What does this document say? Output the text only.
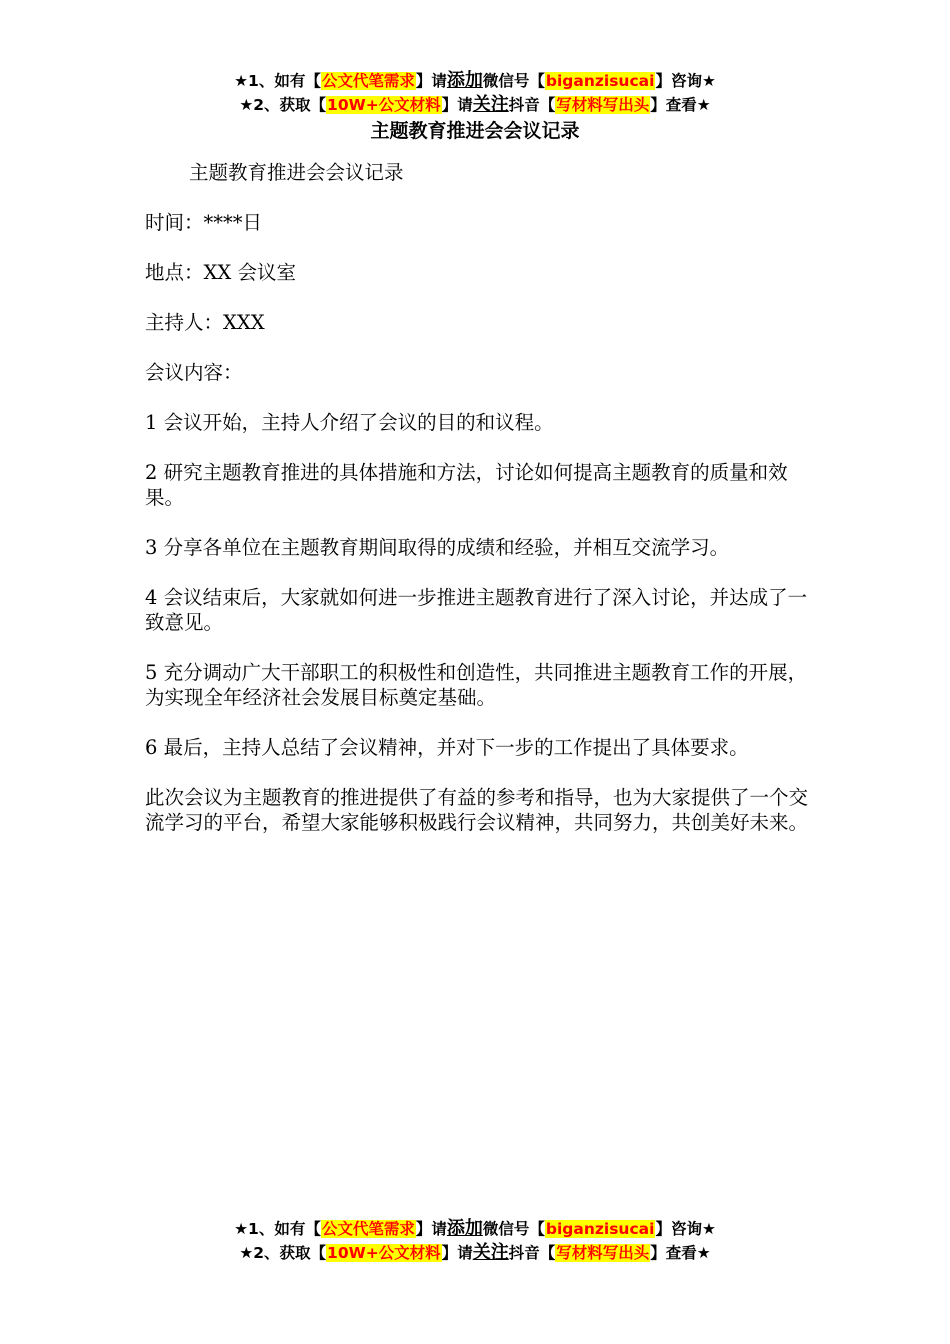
★1、如有【公文代笔需求】请添加微信号【biganzisucai】咨询★
★2、获取【10W+公文材料】请关注抖音【写材料写出头】查看★
主题教育推进会会议记录

主题教育推进会会议记录

时间：****日

地点：XX 会议室

主持人：XXX

会议内容：

1 会议开始，主持人介绍了会议的目的和议程。

2 研究主题教育推进的具体措施和方法，讨论如何提高主题教育的质量和效果。

3 分享各单位在主题教育期间取得的成绩和经验，并相互交流学习。

4 会议结束后，大家就如何进一步推进主题教育进行了深入讨论，并达成了一致意见。

5 充分调动广大干部职工的积极性和创造性，共同推进主题教育工作的开展，为实现全年经济社会发展目标奠定基础。

6 最后，主持人总结了会议精神，并对下一步的工作提出了具体要求。

此次会议为主题教育的推进提供了有益的参考和指导，也为大家提供了一个交流学习的平台，希望大家能够积极践行会议精神，共同努力，共创美好未来。

★1、如有【公文代笔需求】请添加微信号【biganzisucai】咨询★
★2、获取【10W+公文材料】请关注抖音【写材料写出头】查看★
